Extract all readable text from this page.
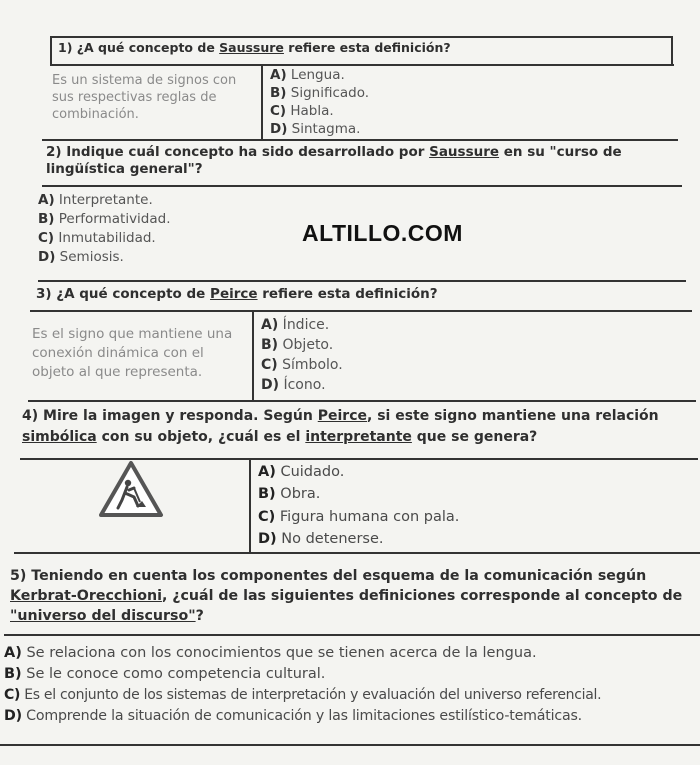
1) ¿A qué concepto de Saussure refiere esta definición?
Es un sistema de signos con sus respectivas reglas de combinación.
A) Lengua.
B) Significado.
C) Habla.
D) Sintagma.
2) Indique cuál concepto ha sido desarrollado por Saussure en su "curso de lingüística general"?
A) Interpretante.
B) Performatividad.
C) Inmutabilidad.
D) Semiosis.
ALTILLO.COM
3) ¿A qué concepto de Peirce refiere esta definición?
Es el signo que mantiene una conexión dinámica con el objeto al que representa.
A) Índice.
B) Objeto.
C) Símbolo.
D) Ícono.
4) Mire la imagen y responda. Según Peirce, si este signo mantiene una relación simbólica con su objeto, ¿cuál es el interpretante que se genera?
A) Cuidado.
B) Obra.
C) Figura humana con pala.
D) No detenerse.
5) Teniendo en cuenta los componentes del esquema de la comunicación según Kerbrat-Orecchioni, ¿cuál de las siguientes definiciones corresponde al concepto de "universo del discurso"?
A) Se relaciona con los conocimientos que se tienen acerca de la lengua.
B) Se le conoce como competencia cultural.
C) Es el conjunto de los sistemas de interpretación y evaluación del universo referencial.
D) Comprende la situación de comunicación y las limitaciones estilístico-temáticas.
